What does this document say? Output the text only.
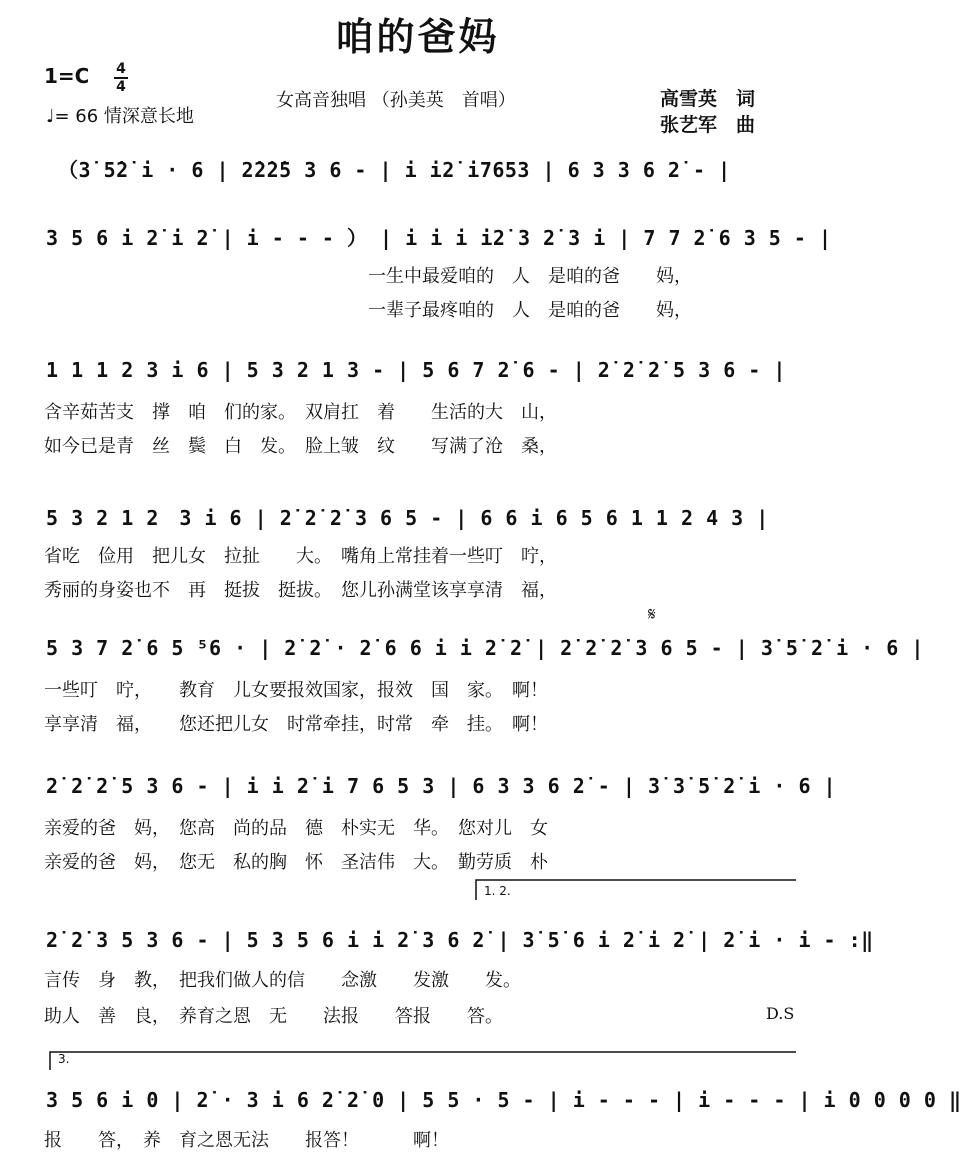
咱的爸妈
1=C 4
4
♩= 66 情深意长地
女高音独唱 （孙美英　首唱）	高雪英　词
张艺军　曲
（3̇ 5̇2̇ i · 6 | 2̇2̇2̇5 3 6 - | i i2̇ i7653 | 6 3 3 6 2̇ - |
3 5 6 i 2̇ i 2̇ | i - - - ） | i i i i2̇ 3 2̇ 3 i | 7 7 2̇ 6 3 5 - |
一生中最爱咱的　人　是咱的爸　　妈，
一辈子最疼咱的　人　是咱的爸　　妈，
1 1 1 2 3 i 6 | 5 3 2 1 3 - | 5 6 7 2̇ 6 - | 2̇ 2̇ 2̇ 5 3 6 - |
含辛茹苦支　撑　咱　们的家。　双肩扛　着　　生活的大　山，
如今已是青　丝　鬓　白　发。　脸上皱　纹　　写满了沧　桑，
5 3 2 1 2　3 i 6 | 2̇ 2̇ 2̇ 3 6 5 - | 6 6 i 6 5 6 1 1 2 4 3 |
省吃　俭用　把儿女　拉扯　　大。　嘴角上常挂着一些叮　咛，
秀丽的身姿也不　再　挺拔　挺拔。　您儿孙满堂该享享清　福，
5 3 7 2̇ 6 5 ⁵6 · | 2̇ 2̇ · 2̇ 6 6 i i 2̇ 2̇ | 2̇ 2̇ 2̇ 3 6 5 - | 3̇ 5̇ 2̇ i · 6 |
𝄋
一些叮　咛，　　教育　儿女要报效国家，报效　国　家。　啊！
享享清　福，　　您还把儿女　时常牵挂，时常　牵　挂。　啊！
2̇ 2̇ 2̇ 5 3 6 - | i i 2̇ i 7 6 5 3 | 6 3 3 6 2̇ - | 3̇ 3̇ 5̇ 2̇ i · 6 |
亲爱的爸　妈，　您高　尚的品　德　朴实无　华。　您对儿　女
亲爱的爸　妈，　您无　私的胸　怀　圣洁伟　大。　勤劳质　朴
1. 2.
2̇ 2̇ 3 5 3 6 - | 5 3 5 6 i i 2̇ 3 6 2̇ | 3̇ 5̇ 6 i 2̇ i 2̇ | 2̇ i · i - :‖
言传　身　教，　把我们做人的信　　念激　　发激　　发。
助人　善　良，　养育之恩　无　　法报　　答报　　答。	D.S
3.
3 5 6 i 0 | 2̇ · 3 i 6 2̇ 2̇ 0 | 5 5 · 5 - | i - - - | i - - - | i 0 0 0 0 ‖
报　　答，　养　育之恩无法　　报答！　　　啊！
